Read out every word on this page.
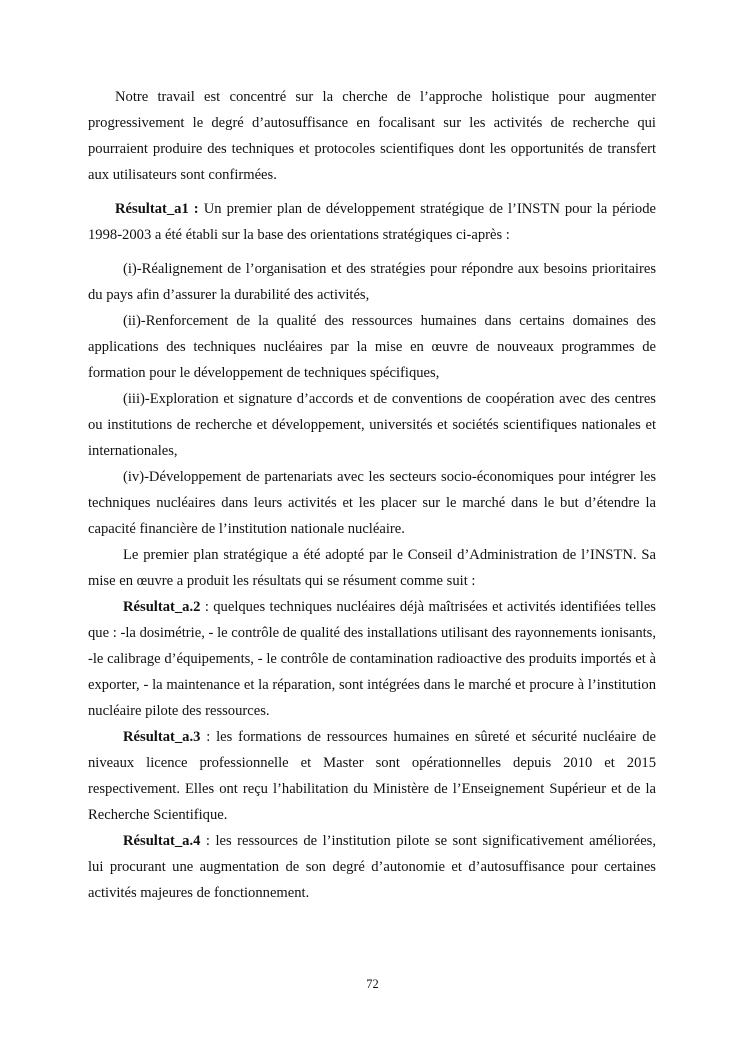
Notre travail est concentré sur la cherche de l’approche holistique pour augmenter progressivement le degré d’autosuffisance en focalisant sur les activités de recherche qui pourraient produire des techniques et protocoles scientifiques dont les opportunités de transfert aux utilisateurs sont confirmées.

Résultat_a1 : Un premier plan de développement stratégique de l’INSTN pour la période 1998-2003 a été établi sur la base des orientations stratégiques ci-après :

(i)-Réalignement de l’organisation et des stratégies pour répondre aux besoins prioritaires du pays afin d’assurer la durabilité des activités,

(ii)-Renforcement de la qualité des ressources humaines dans certains domaines des applications des techniques nucléaires par la mise en œuvre de nouveaux programmes de formation pour le développement de techniques spécifiques,

(iii)-Exploration et signature d’accords et de conventions de coopération avec des centres ou institutions de recherche et développement, universités et sociétés scientifiques nationales et internationales,

(iv)-Développement de partenariats avec les secteurs socio-économiques pour intégrer les techniques nucléaires dans leurs activités et les placer sur le marché dans le but d’étendre la capacité financière de l’institution nationale nucléaire.

Le premier plan stratégique a été adopté par le Conseil d’Administration de l’INSTN. Sa mise en œuvre a produit les résultats qui se résument comme suit :

Résultat_a.2 : quelques techniques nucléaires déjà maîtrisées et activités identifiées telles que : -la dosimétrie, - le contrôle de qualité des installations utilisant des rayonnements ionisants, -le calibrage d’équipements, - le contrôle de contamination radioactive des produits importés et à exporter, - la maintenance et la réparation, sont intégrées dans le marché et procure à l’institution nucléaire pilote des ressources.

Résultat_a.3 : les formations de ressources humaines en sûreté et sécurité nucléaire de niveaux licence professionnelle et Master sont opérationnelles depuis 2010 et 2015 respectivement. Elles ont reçu l’habilitation du Ministère de l’Enseignement Supérieur et de la Recherche Scientifique.

Résultat_a.4 : les ressources de l’institution pilote se sont significativement améliorées, lui procurant une augmentation de son degré d’autonomie et d’autosuffisance pour certaines activités majeures de fonctionnement.

72
